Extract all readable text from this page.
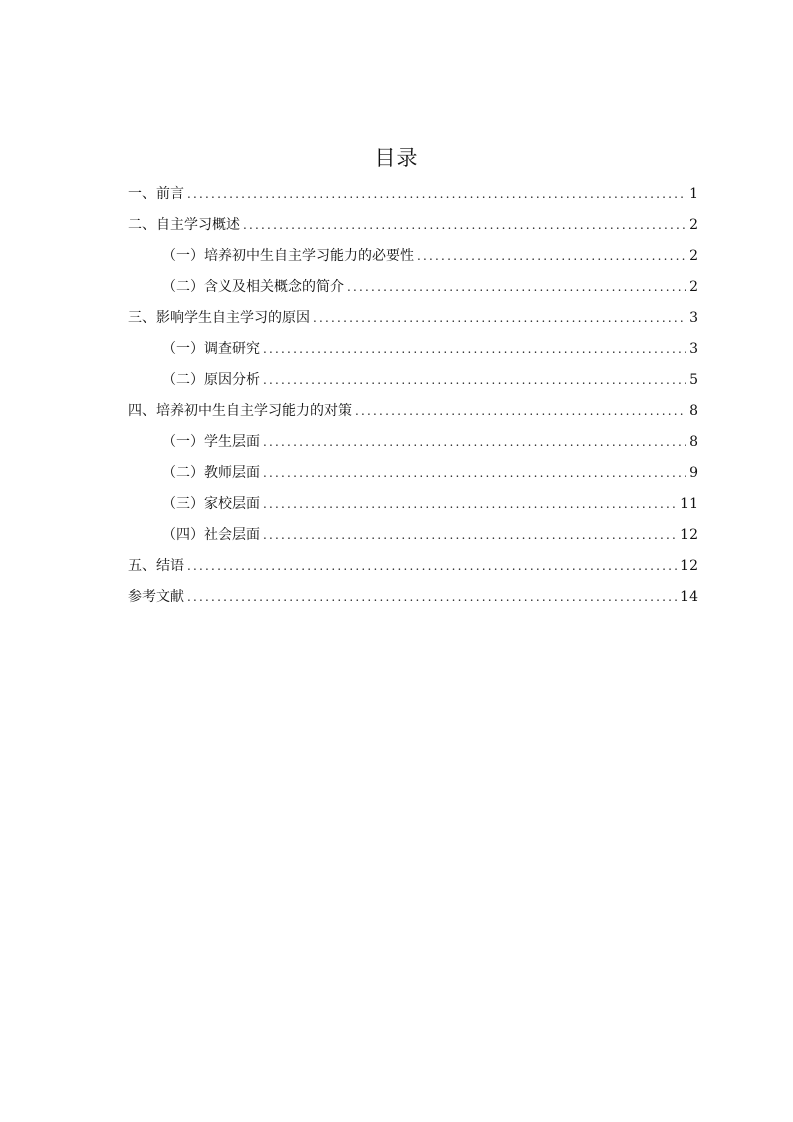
目录
一、前言 .....	1
二、自主学习概述 .....	2
（一）培养初中生自主学习能力的必要性 .....	2
（二）含义及相关概念的简介 .....	2
三、影响学生自主学习的原因 .....	3
（一）调查研究 .....	3
（二）原因分析 .....	5
四、培养初中生自主学习能力的对策 .....	8
（一）学生层面 .....	8
（二）教师层面 .....	9
（三）家校层面 .....	11
（四）社会层面 .....	12
五、结语 .....	12
参考文献 .....	14
